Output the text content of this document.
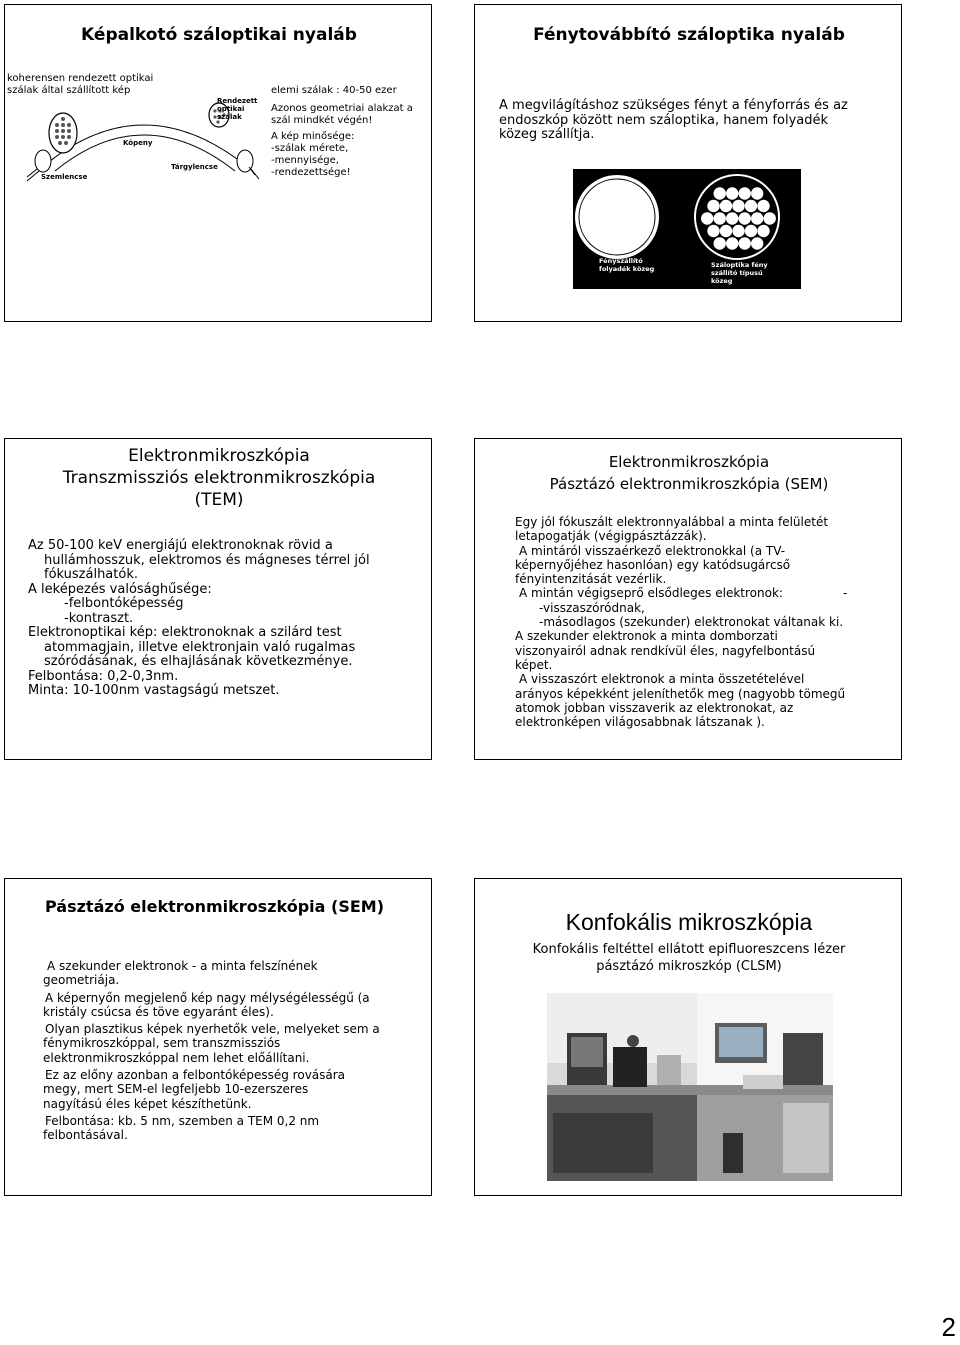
Képalkotó száloptikai nyaláb
koherensen rendezett optikai
szálak által szállított kép
Rendezett
optikai
szálak
Köpeny
Tárgylencse
Szemlencse
elemi szálak : 40-50 ezer
Azonos geometriai alakzat a
szál mindkét végén!
A kép minősége:
-szálak mérete,
-mennyisége,
-rendezettsége!
Fénytovábbító száloptika nyaláb
A megvilágításhoz szükséges fényt a fényforrás és az
endoszkóp között nem száloptika, hanem folyadék
közeg szállítja.
Fényszállító
folyadék közeg	Száloptika fény
szállító típusú
közeg
Elektronmikroszkópia
Transzmissziós elektronmikroszkópia
(TEM)
Az 50-100 keV energiájú elektronoknak rövid a
hullámhosszuk, elektromos és mágneses térrel jól
fókuszálhatók.
A leképezés valósághűsége:
-felbontóképesség
-kontraszt.
Elektronoptikai kép: elektronoknak a szilárd test
atommagjain, illetve elektronjain való rugalmas
szóródásának, és elhajlásának következménye.
Felbontása: 0,2-0,3nm.
Minta: 10-100nm vastagságú metszet.
Elektronmikroszkópia
Pásztázó elektronmikroszkópia (SEM)
Egy jól fókuszált elektronnyalábbal a minta felületét
letapogatják (végigpásztázzák).
A mintáról visszaérkező elektronokkal (a TV-
képernyőjéhez hasonlóan) egy katódsugárcső
fényintenzitását vezérlik.
A mintán végigseprő elsődleges elektronok:	-
-visszaszóródnak,
-másodlagos (szekunder) elektronokat váltanak ki.
A szekunder elektronok a minta domborzati
viszonyairól adnak rendkívül éles, nagyfelbontású
képet.
A visszaszórt elektronok a minta összetételével
arányos képekként jeleníthetők meg (nagyobb tömegű
atomok jobban visszaverik az elektronokat, az
elektronképen világosabbnak látszanak ).
Pásztázó elektronmikroszkópia (SEM)
A szekunder elektronok - a minta felszínének
geometriája.
A képernyőn megjelenő kép nagy mélységélességű (a
kristály csúcsa és töve egyaránt éles).
Olyan plasztikus képek nyerhetők vele, melyeket sem a
fénymikroszkóppal, sem transzmissziós
elektronmikroszkóppal nem lehet előállítani.
Ez az előny azonban a felbontóképesség rovására
megy, mert SEM-el legfeljebb 10-ezerszeres
nagyítású éles képet készíthetünk.
Felbontása: kb. 5 nm, szemben a TEM 0,2 nm
felbontásával.
Konfokális mikroszkópia
Konfokális feltéttel ellátott epifluoreszcens lézer
pásztázó mikroszkóp (CLSM)
2
